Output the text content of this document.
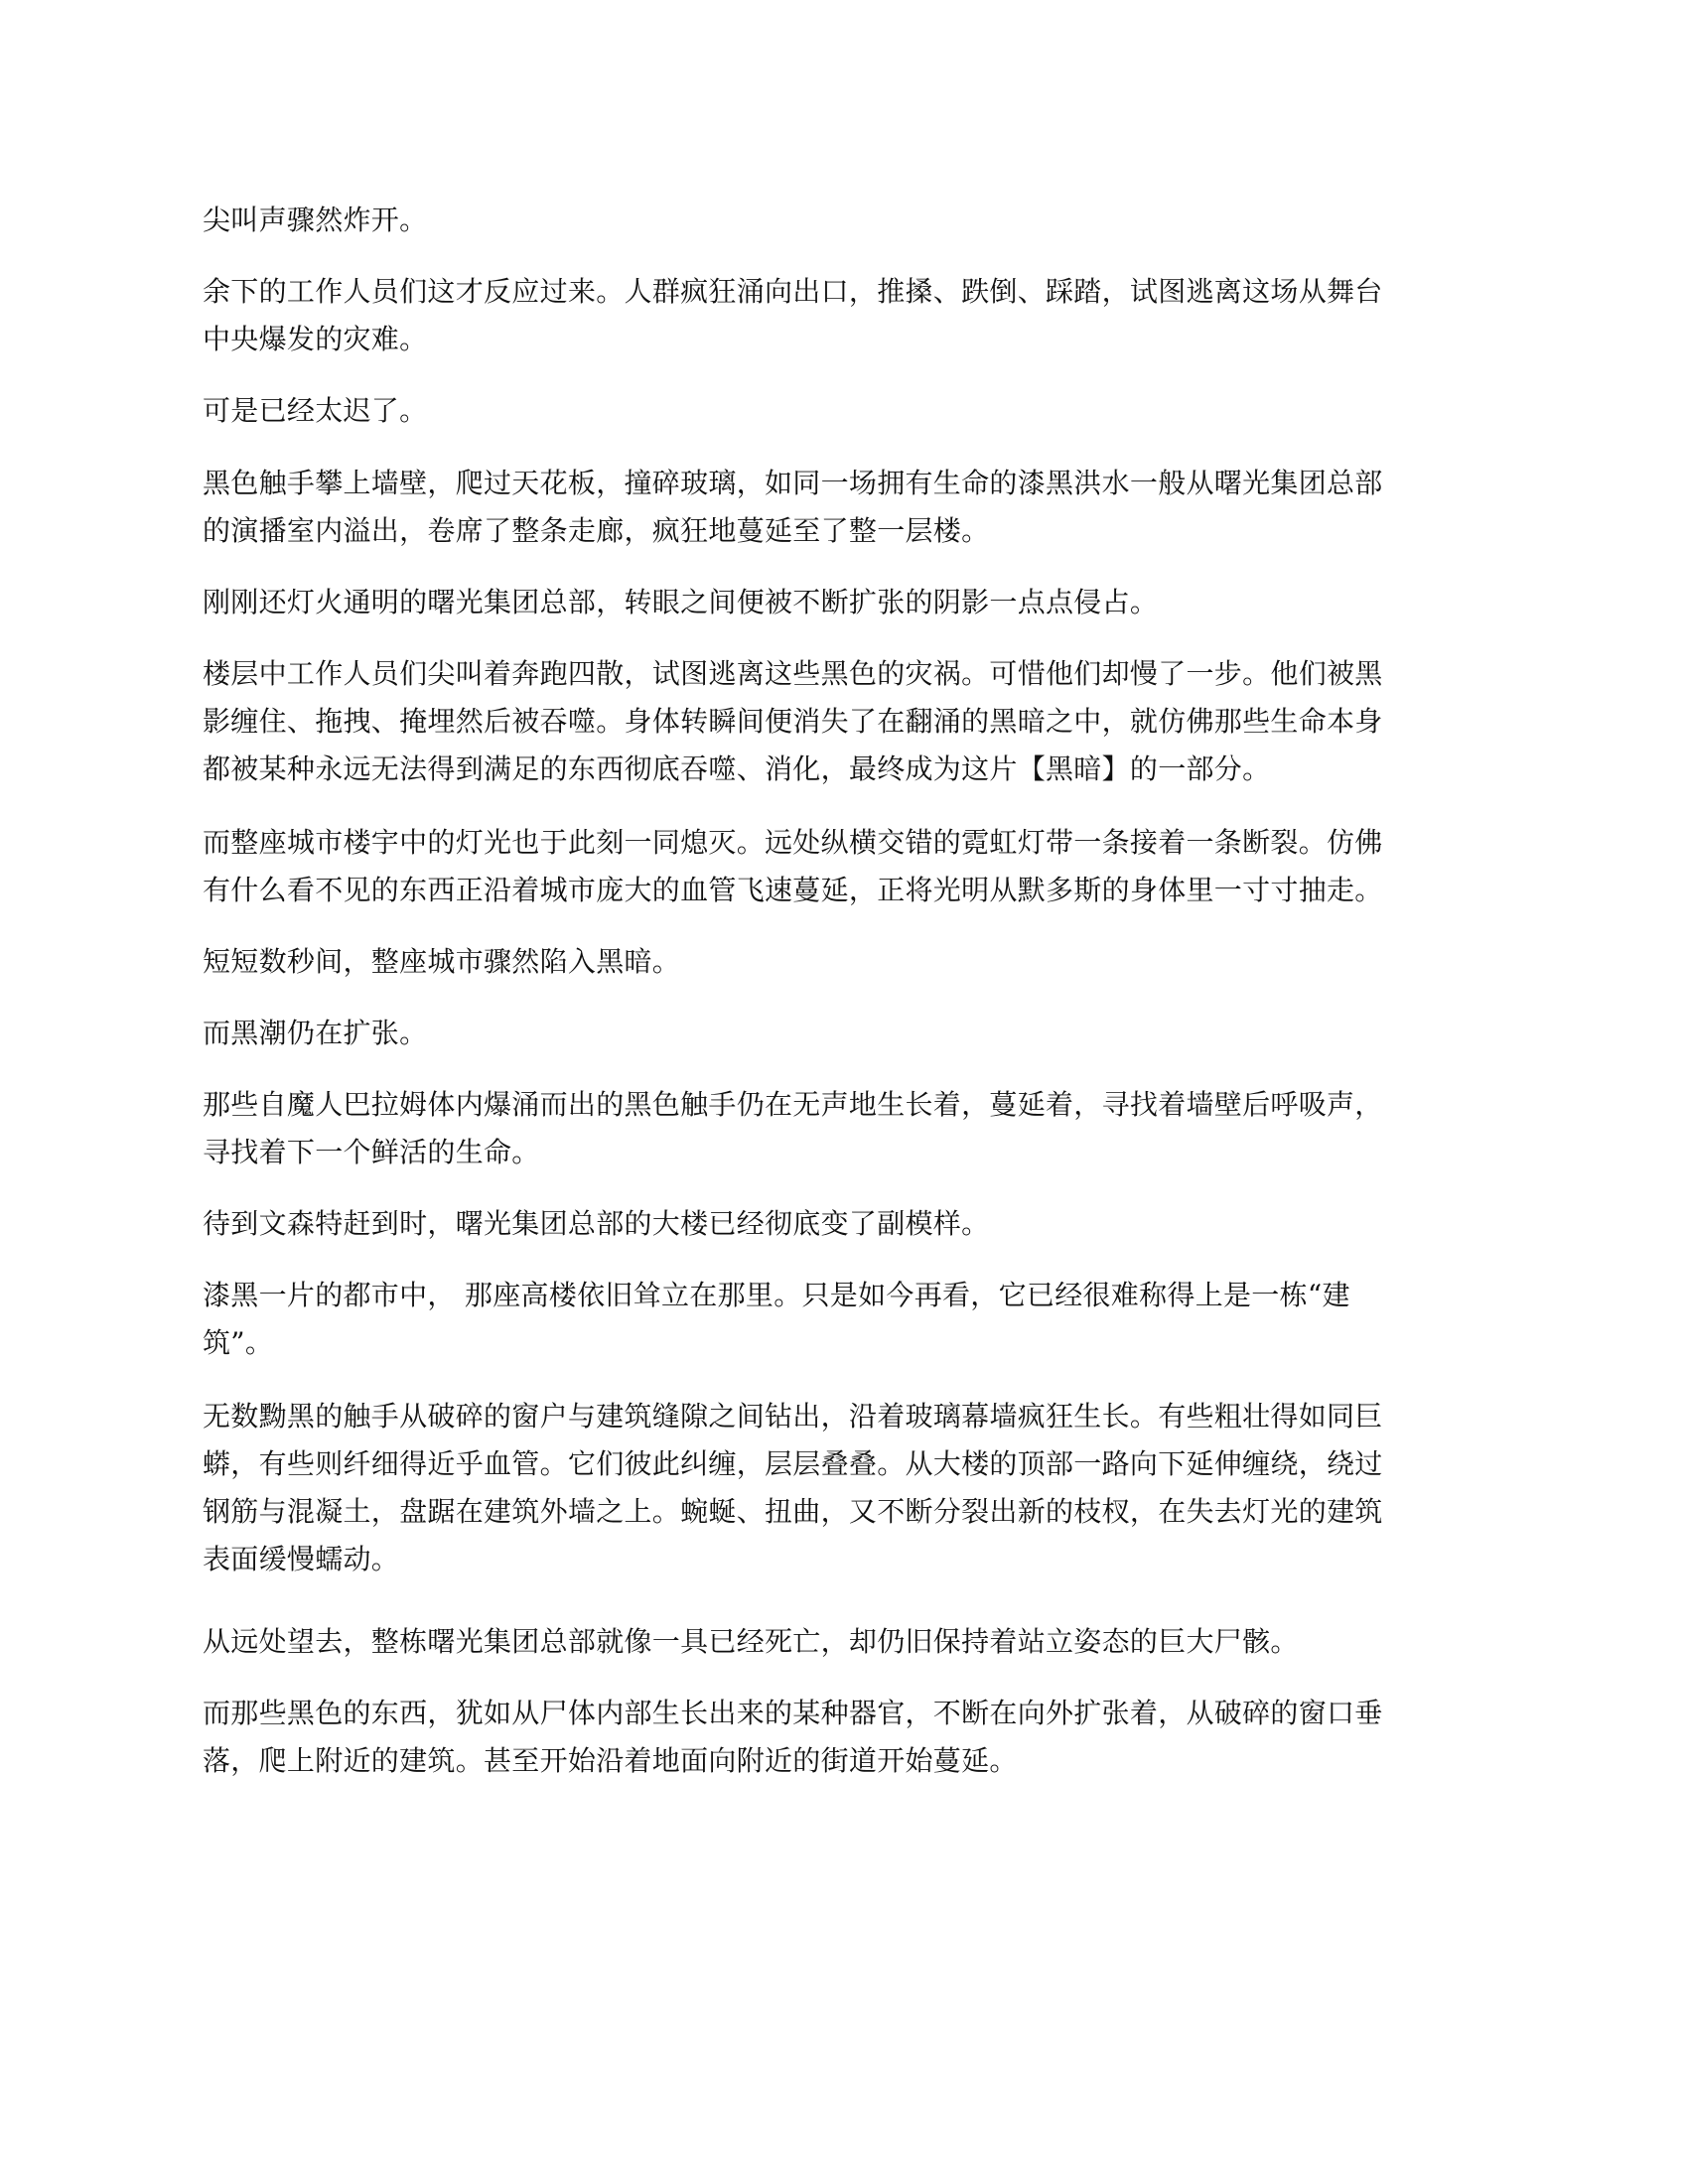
尖叫声骤然炸开。

余下的工作人员们这才反应过来。人群疯狂涌向出口，推搡、跌倒、踩踏，试图逃离这场从舞台
中央爆发的灾难。

可是已经太迟了。

黑色触手攀上墙壁，爬过天花板，撞碎玻璃，如同一场拥有生命的漆黑洪水一般从曙光集团总部
的演播室内溢出，卷席了整条走廊，疯狂地蔓延至了整一层楼。

刚刚还灯火通明的曙光集团总部，转眼之间便被不断扩张的阴影一点点侵占。

楼层中工作人员们尖叫着奔跑四散，试图逃离这些黑色的灾祸。可惜他们却慢了一步。他们被黑
影缠住、拖拽、掩埋然后被吞噬。身体转瞬间便消失了在翻涌的黑暗之中，就仿佛那些生命本身
都被某种永远无法得到满足的东西彻底吞噬、消化，最终成为这片【黑暗】的一部分。

而整座城市楼宇中的灯光也于此刻一同熄灭。远处纵横交错的霓虹灯带一条接着一条断裂。仿佛
有什么看不见的东西正沿着城市庞大的血管飞速蔓延，正将光明从默多斯的身体里一寸寸抽走。

短短数秒间，整座城市骤然陷入黑暗。

而黑潮仍在扩张。

那些自魔人巴拉姆体内爆涌而出的黑色触手仍在无声地生长着，蔓延着，寻找着墙壁后呼吸声，
寻找着下一个鲜活的生命。

待到文森特赶到时，曙光集团总部的大楼已经彻底变了副模样。

漆黑一片的都市中， 那座高楼依旧耸立在那里。只是如今再看，它已经很难称得上是一栋“建
筑”。

无数黝黑的触手从破碎的窗户与建筑缝隙之间钻出，沿着玻璃幕墙疯狂生长。有些粗壮得如同巨
蟒，有些则纤细得近乎血管。它们彼此纠缠，层层叠叠。从大楼的顶部一路向下延伸缠绕，绕过
钢筋与混凝土，盘踞在建筑外墙之上。蜿蜒、扭曲，又不断分裂出新的枝杈，在失去灯光的建筑
表面缓慢蠕动。

从远处望去，整栋曙光集团总部就像一具已经死亡，却仍旧保持着站立姿态的巨大尸骸。

而那些黑色的东西，犹如从尸体内部生长出来的某种器官，不断在向外扩张着，从破碎的窗口垂
落，爬上附近的建筑。甚至开始沿着地面向附近的街道开始蔓延。
